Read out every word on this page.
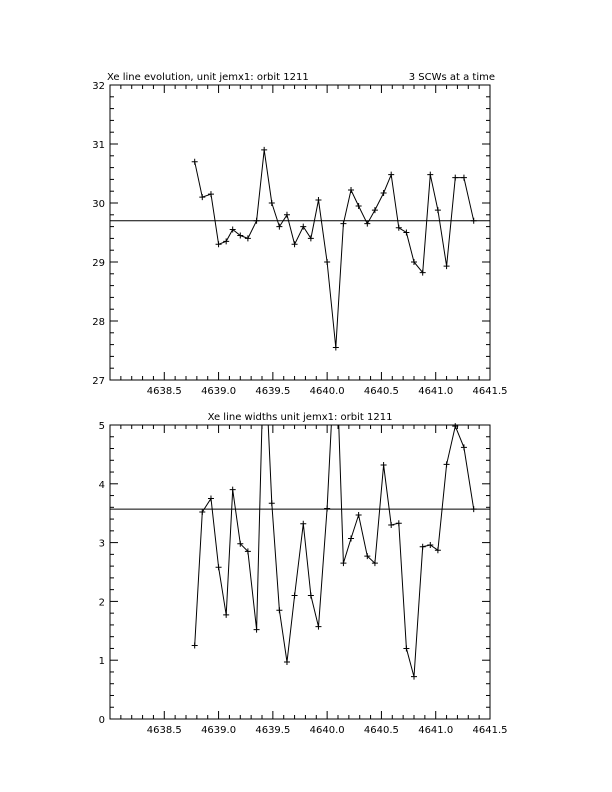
Xe line evolution, unit jemx1: orbit 1211	3 SCWs at a time
4638.5 4639.0 4639.5 4640.0 4640.5 4641.0 4641.5
27
28
29
30
31
32
Xe line widths unit jemx1: orbit 1211
4638.5 4639.0 4639.5 4640.0 4640.5 4641.0 4641.5
0
1
2
3
4
5
